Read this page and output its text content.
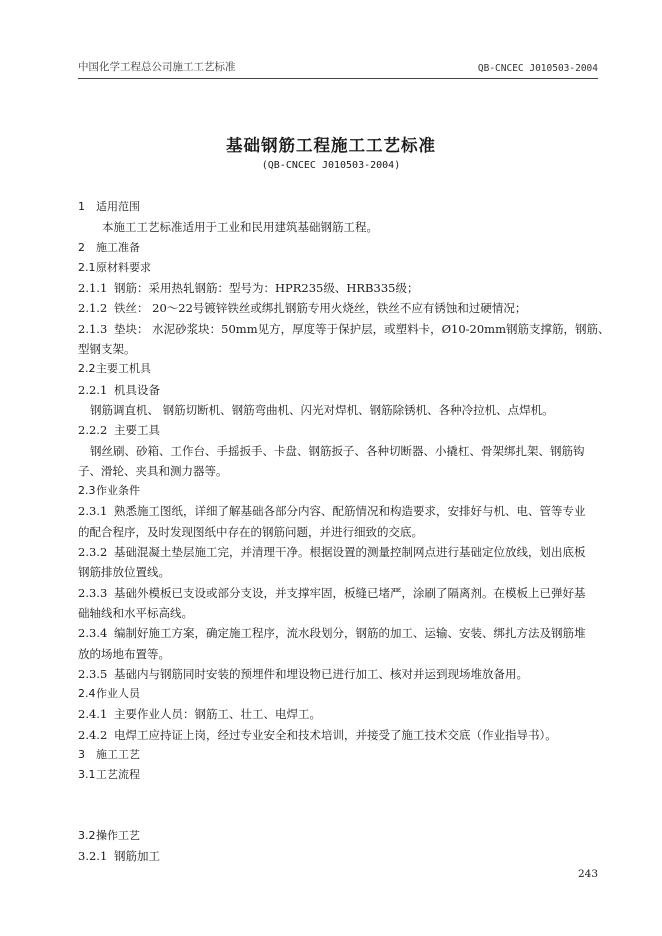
中国化学工程总公司施工工艺标准	QB-CNCEC J010503-2004
基础钢筋工程施工工艺标准
(QB-CNCEC J010503-2004)
1 适用范围
本施工工艺标准适用于工业和民用建筑基础钢筋工程。
2 施工准备
2.1原材料要求
2.1.1 钢筋：采用热轧钢筋：型号为：HPR235级、HRB335级；
2.1.2 铁丝： 20～22号镀锌铁丝或绑扎钢筋专用火烧丝，铁丝不应有锈蚀和过硬情况；
2.1.3 垫块： 水泥砂浆块：50mm见方，厚度等于保护层，或塑料卡，Ø10-20mm钢筋支撑筋，钢筋、
型钢支架。
2.2主要工机具
2.2.1 机具设备
钢筋调直机、 钢筋切断机、钢筋弯曲机、闪光对焊机、钢筋除锈机、各种冷拉机、点焊机。
2.2.2 主要工具
钢丝刷、砂箱、工作台、手摇扳手、卡盘、钢筋扳子、各种切断器、小撬杠、骨架绑扎架、钢筋钩
子、滑轮、夹具和测力器等。
2.3作业条件
2.3.1 熟悉施工图纸，详细了解基础各部分内容、配筋情况和构造要求，安排好与机、电、管等专业
的配合程序，及时发现图纸中存在的钢筋问题，并进行细致的交底。
2.3.2 基础混凝土垫层施工完，并清理干净。根据设置的测量控制网点进行基础定位放线，划出底板
钢筋排放位置线。
2.3.3 基础外模板已支设或部分支设，并支撑牢固，板缝已堵严，涂刷了隔离剂。在模板上已弹好基
础轴线和水平标高线。
2.3.4 编制好施工方案，确定施工程序，流水段划分，钢筋的加工、运输、安装、绑扎方法及钢筋堆
放的场地布置等。
2.3.5 基础内与钢筋同时安装的预埋件和埋设物已进行加工、核对并运到现场堆放备用。
2.4作业人员
2.4.1 主要作业人员：钢筋工、壮工、电焊工。
2.4.2 电焊工应持证上岗，经过专业安全和技术培训，并接受了施工技术交底（作业指导书）。
3 施工工艺
3.1工艺流程
3.2操作工艺
3.2.1 钢筋加工
243
